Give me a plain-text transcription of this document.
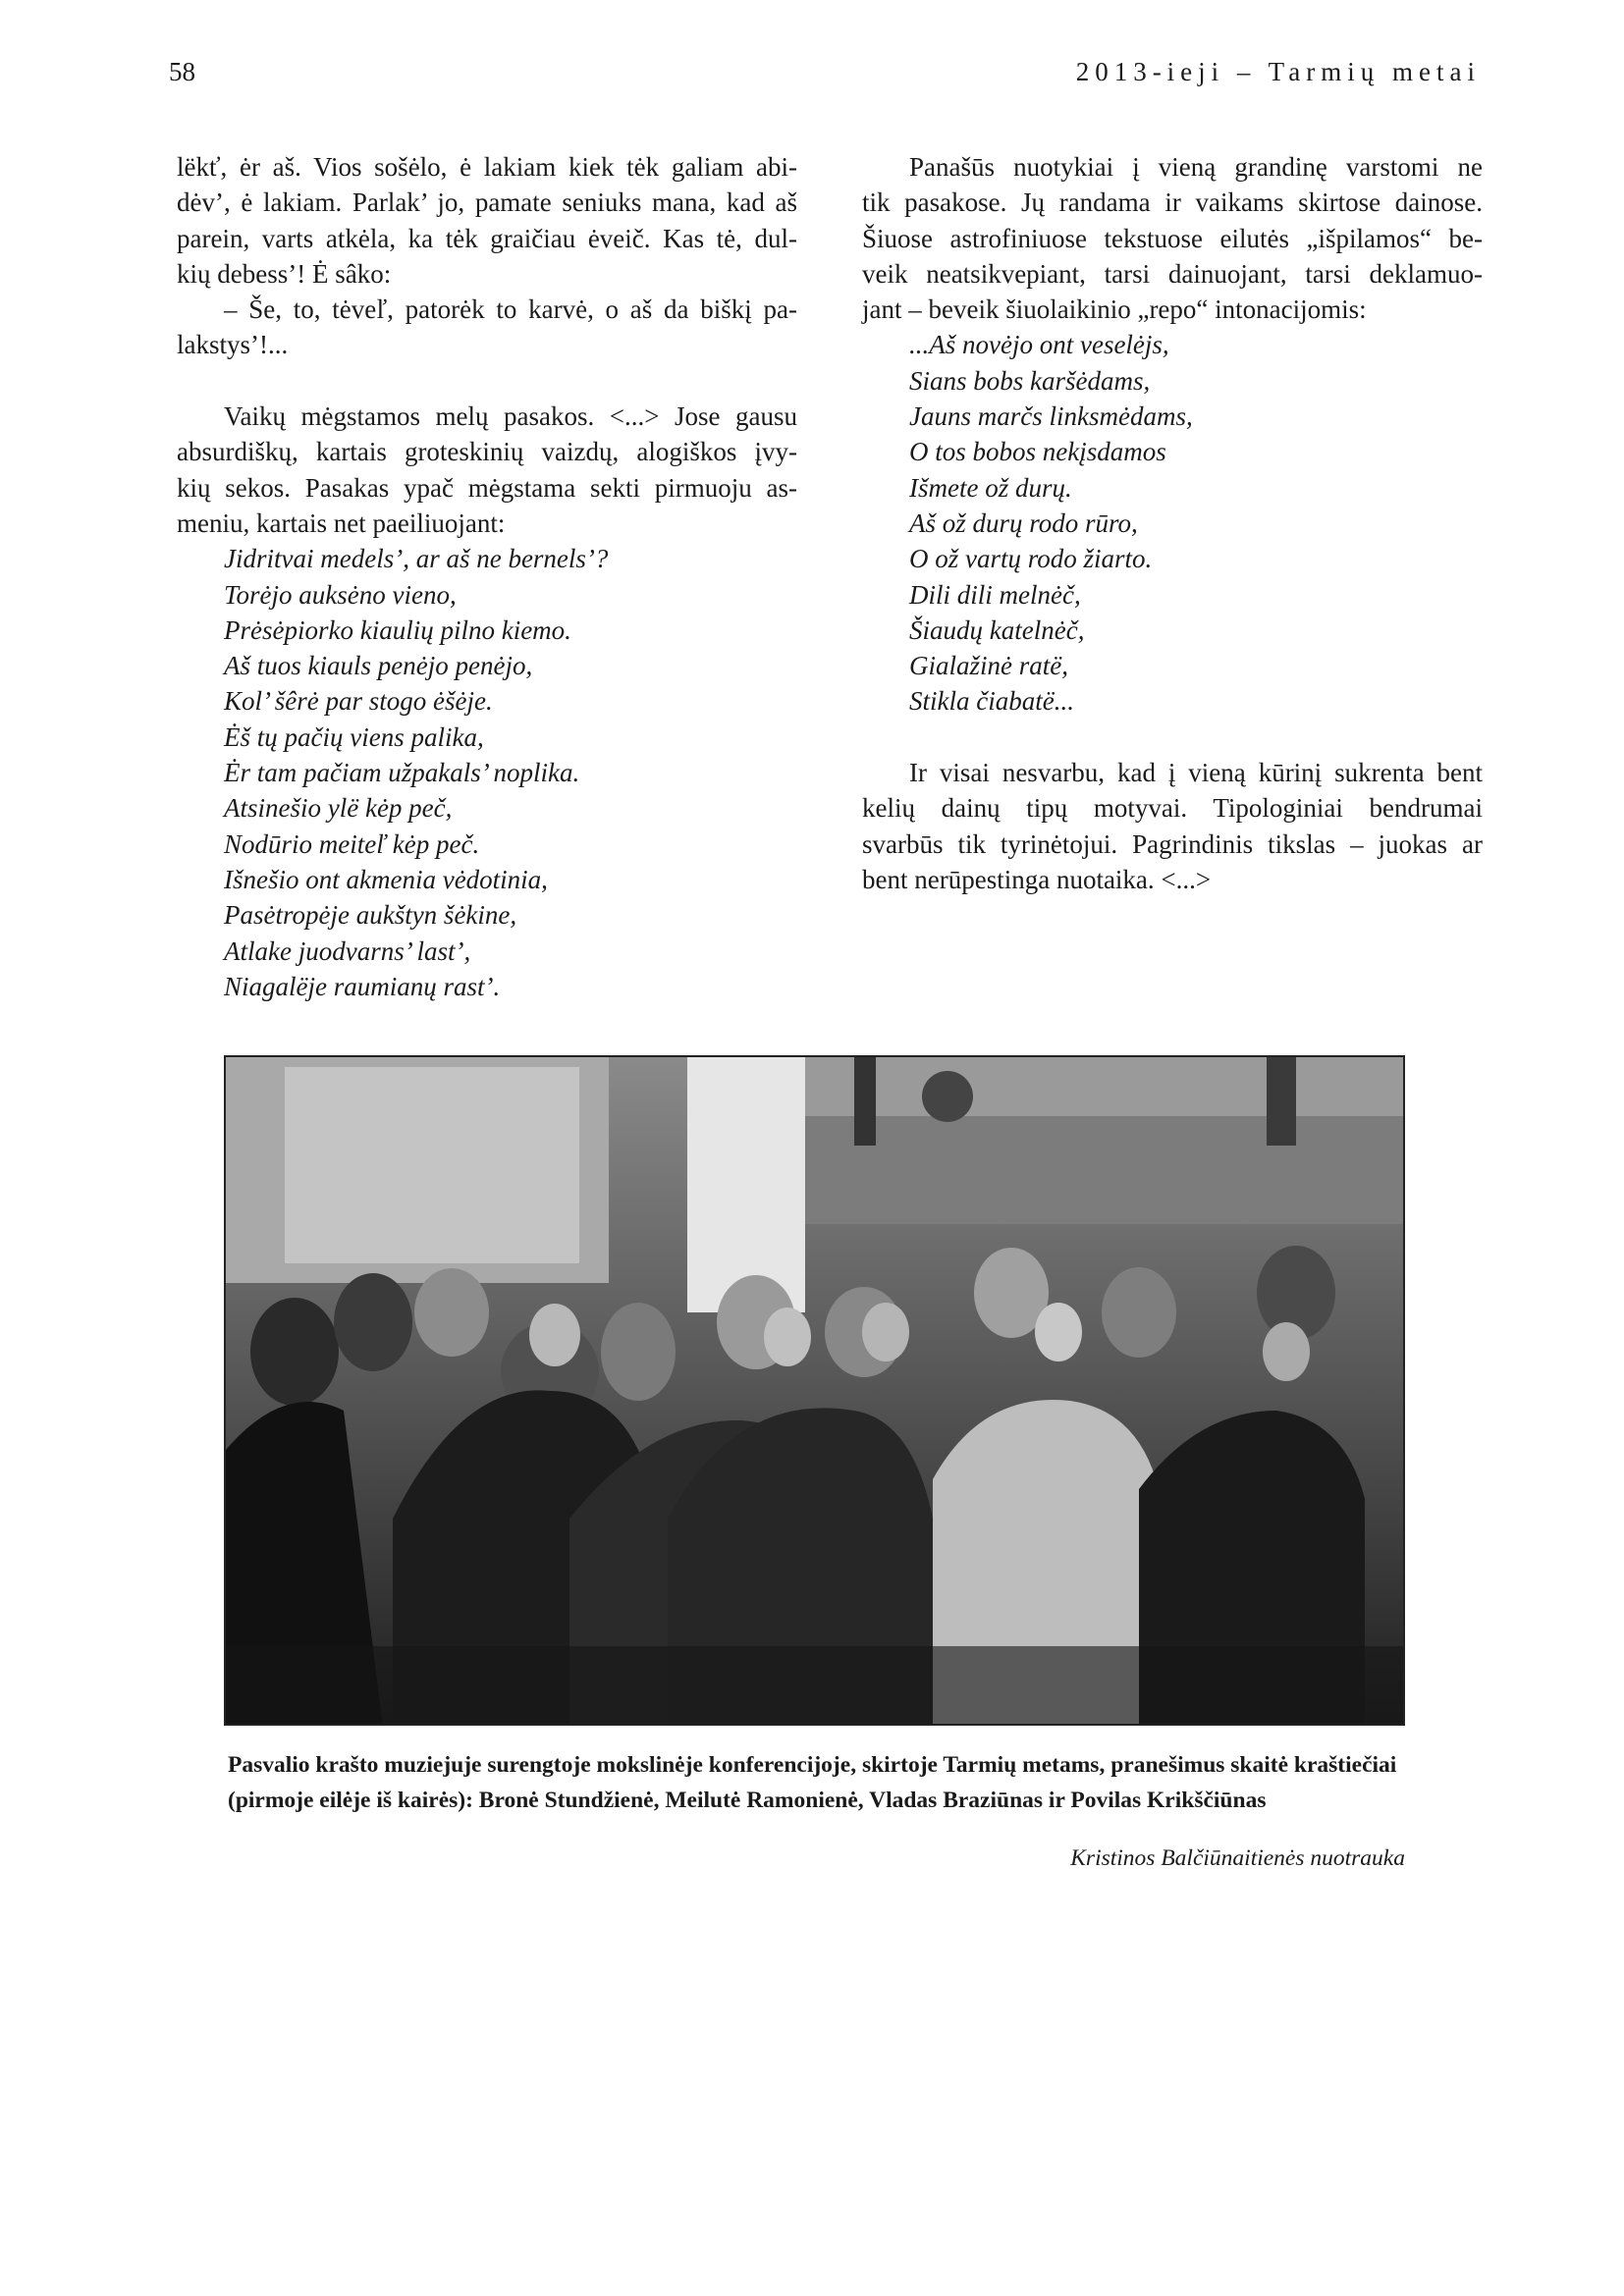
58	2013-ieji – Tarmių metai
lëkť, ėr aš. Vios sošėlo, ė lakiam kiek tėk galiam abi-
dėv’, ė lakiam. Parlak’ jo, pamate seniuks mana, kad aš
parein, varts atkėla, ka tėk graičiau ėveič. Kas tė, dul-
kių debess’! Ė sâko:
– Še, to, tėveľ, patorėk to karvė, o aš da biškį pa-
lakstys’!...
Vaikų mėgstamos melų pasakos. <...> Jose gausu
absurdiškų, kartais groteskinių vaizdų, alogiškos įvy-
kių sekos. Pasakas ypač mėgstama sekti pirmuoju as-
meniu, kartais net paeiliuojant:
Jidritvai medels’, ar aš ne bernels’?
Torėjo auksėno vieno,
Prėsėpiorko kiaulių pilno kiemo.
Aš tuos kiauls penėjo penėjo,
Kol’ šêrė par stogo ėšėje.
Ėš tų pačių viens palika,
Ėr tam pačiam užpakals’ noplika.
Atsinešio ylë kėp peč,
Nodūrio meiteľ kėp peč.
Išnešio ont akmenia vėdotinia,
Pasėtropėje aukštyn šėkine,
Atlake juodvarns’ last’,
Niagalëje raumianų rast’.
Panašūs nuotykiai į vieną grandinę varstomi ne
tik pasakose. Jų randama ir vaikams skirtose dainose.
Šiuose astrofiniuose tekstuose eilutės „išpilamos“ be-
veik neatsikvepiant, tarsi dainuojant, tarsi deklamuo-
jant – beveik šiuolaikinio „repo“ intonacijomis:
...Aš novėjo ont veselėjs,
Sians bobs karšėdams,
Jauns marčs linksmėdams,
O tos bobos nekįsdamos
Išmete ož durų.
Aš ož durų rodo rūro,
O ož vartų rodo žiarto.
Dili dili melnėč,
Šiaudų katelnėč,
Gialažinė ratë,
Stikla čiabatë...
Ir visai nesvarbu, kad į vieną kūrinį sukrenta bent
kelių dainų tipų motyvai. Tipologiniai bendrumai
svarbūs tik tyrinėtojui. Pagrindinis tikslas – juokas ar
bent nerūpestinga nuotaika. <...>
Pasvalio krašto muziejuje surengtoje mokslinėje konferencijoje, skirtoje Tarmių metams, pranešimus skaitė kraštiečiai (pirmoje eilėje iš kairės): Bronė Stundžienė, Meilutė Ramonienė, Vladas Braziūnas ir Povilas Krikščiūnas
Kristinos Balčiūnaitienės nuotrauka
